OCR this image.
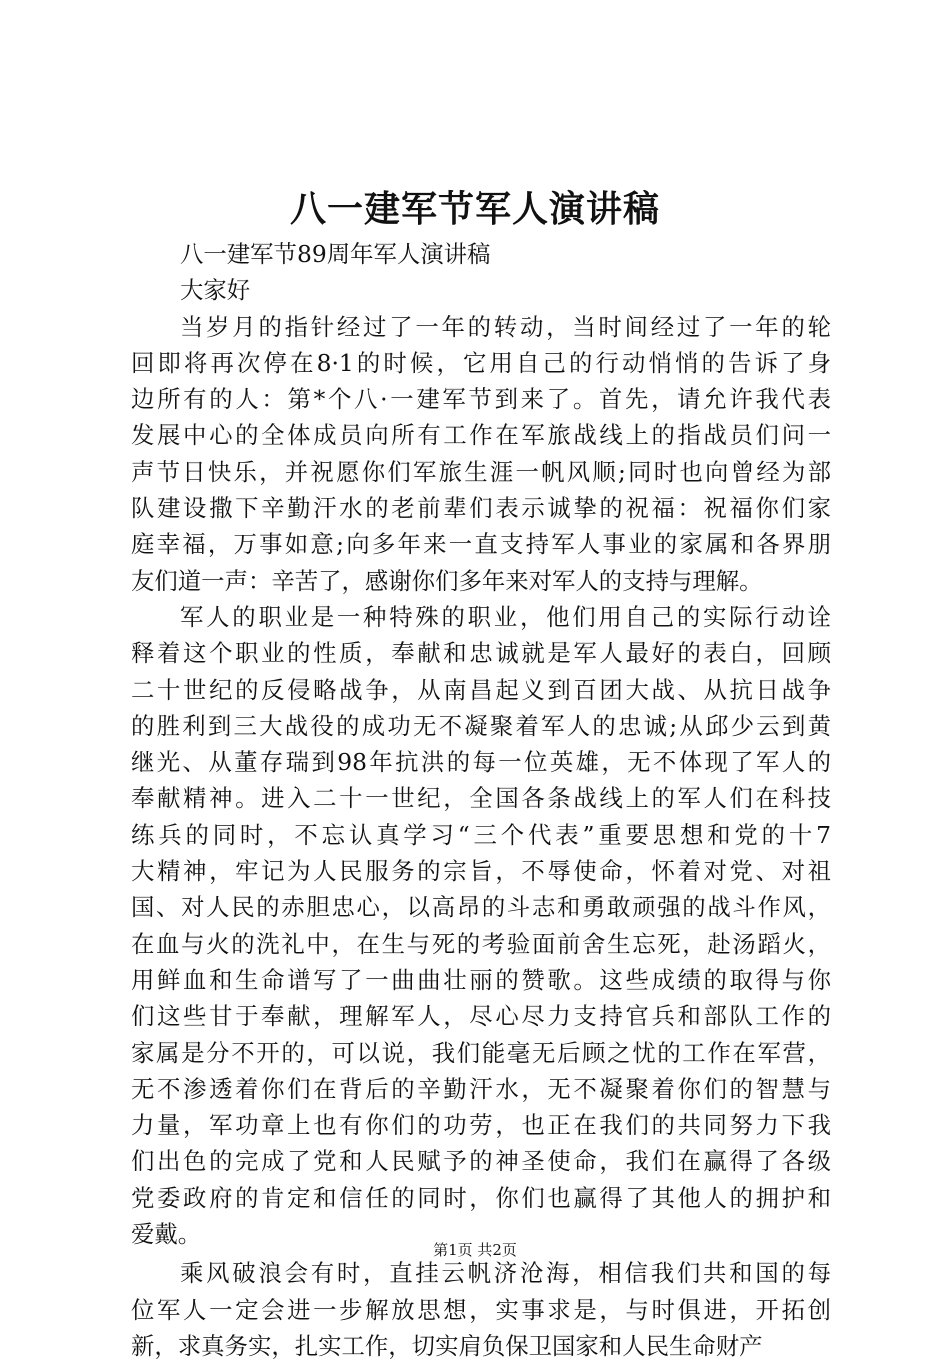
八一建军节军人演讲稿
八一建军节89周年军人演讲稿
大家好
当岁月的指针经过了一年的转动，当时间经过了一年的轮
回即将再次停在8·1的时候，它用自己的行动悄悄的告诉了身
边所有的人：第*个八·一建军节到来了。首先，请允许我代表
发展中心的全体成员向所有工作在军旅战线上的指战员们问一
声节日快乐，并祝愿你们军旅生涯一帆风顺;同时也向曾经为部
队建设撒下辛勤汗水的老前辈们表示诚挚的祝福：祝福你们家
庭幸福，万事如意;向多年来一直支持军人事业的家属和各界朋
友们道一声：辛苦了，感谢你们多年来对军人的支持与理解。
军人的职业是一种特殊的职业，他们用自己的实际行动诠
释着这个职业的性质，奉献和忠诚就是军人最好的表白，回顾
二十世纪的反侵略战争，从南昌起义到百团大战、从抗日战争
的胜利到三大战役的成功无不凝聚着军人的忠诚;从邱少云到黄
继光、从董存瑞到98年抗洪的每一位英雄，无不体现了军人的
奉献精神。进入二十一世纪，全国各条战线上的军人们在科技
练兵的同时，不忘认真学习“三个代表”重要思想和党的十7
大精神，牢记为人民服务的宗旨，不辱使命，怀着对党、对祖
国、对人民的赤胆忠心，以高昂的斗志和勇敢顽强的战斗作风，
在血与火的洗礼中，在生与死的考验面前舍生忘死，赴汤蹈火，
用鲜血和生命谱写了一曲曲壮丽的赞歌。这些成绩的取得与你
们这些甘于奉献，理解军人，尽心尽力支持官兵和部队工作的
家属是分不开的，可以说，我们能毫无后顾之忧的工作在军营，
无不渗透着你们在背后的辛勤汗水，无不凝聚着你们的智慧与
力量，军功章上也有你们的功劳，也正在我们的共同努力下我
们出色的完成了党和人民赋予的神圣使命，我们在赢得了各级
党委政府的肯定和信任的同时，你们也赢得了其他人的拥护和
爱戴。
乘风破浪会有时，直挂云帆济沧海，相信我们共和国的每
位军人一定会进一步解放思想，实事求是，与时俱进，开拓创
新，求真务实，扎实工作，切实肩负保卫国家和人民生命财产
第1页 共2页
